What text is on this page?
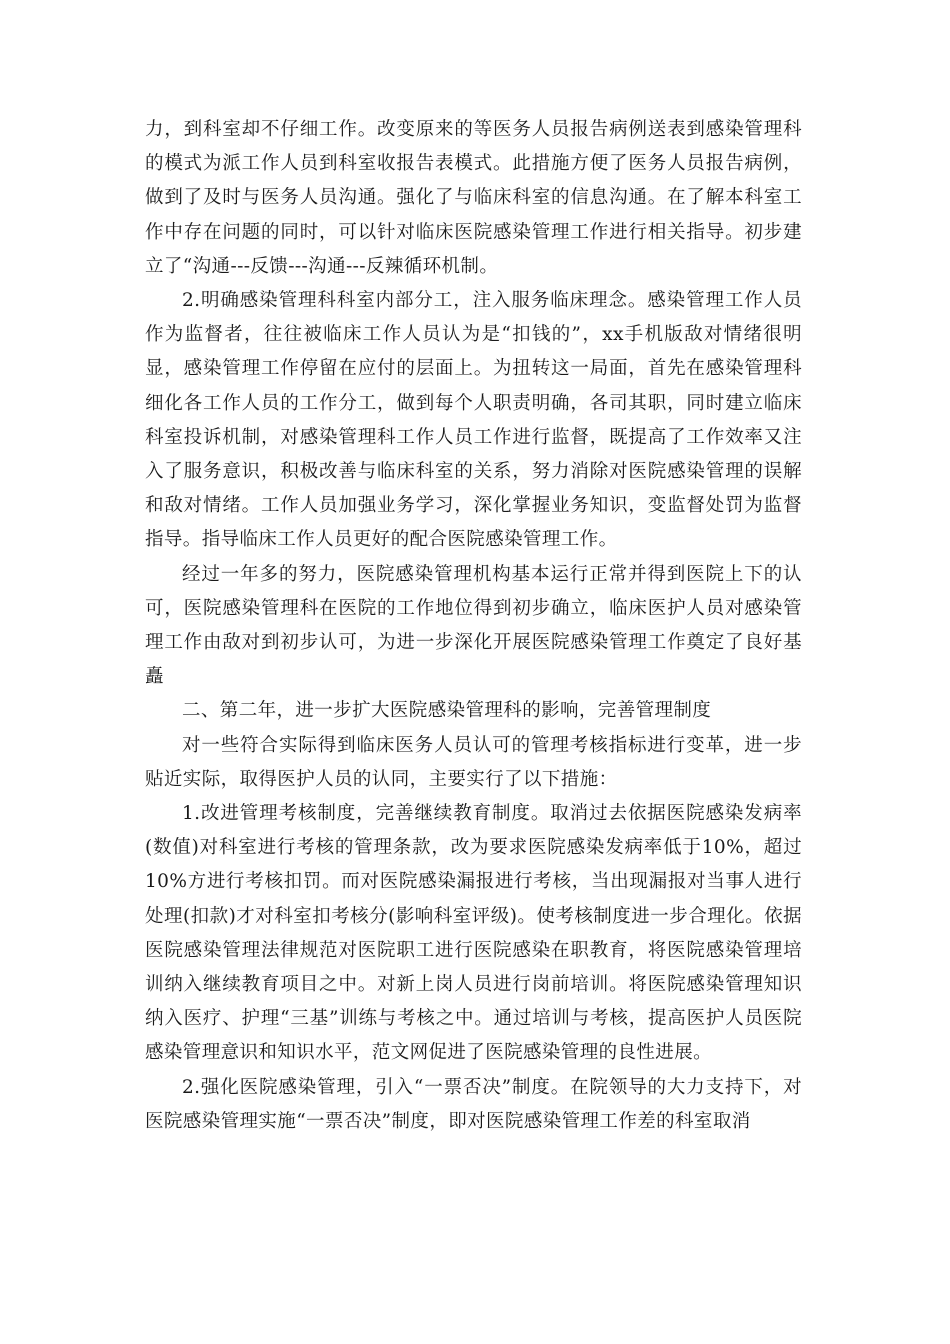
力，到科室却不仔细工作。改变原来的等医务人员报告病例送表到感染管理科的模式为派工作人员到科室收报告表模式。此措施方便了医务人员报告病例，做到了及时与医务人员沟通。强化了与临床科室的信息沟通。在了解本科室工作中存在问题的同时，可以针对临床医院感染管理工作进行相关指导。初步建立了“沟通---反馈---沟通---反辣循环机制。

2.明确感染管理科科室内部分工，注入服务临床理念。感染管理工作人员作为监督者，往往被临床工作人员认为是“扣钱的”，xx手机版敌对情绪很明显，感染管理工作停留在应付的层面上。为扭转这一局面，首先在感染管理科细化各工作人员的工作分工，做到每个人职责明确，各司其职，同时建立临床科室投诉机制，对感染管理科工作人员工作进行监督，既提高了工作效率又注入了服务意识，积极改善与临床科室的关系，努力消除对医院感染管理的误解和敌对情绪。工作人员加强业务学习，深化掌握业务知识，变监督处罚为监督指导。指导临床工作人员更好的配合医院感染管理工作。

经过一年多的努力，医院感染管理机构基本运行正常并得到医院上下的认可，医院感染管理科在医院的工作地位得到初步确立，临床医护人员对感染管理工作由敌对到初步认可，为进一步深化开展医院感染管理工作奠定了良好基矗

二、第二年，进一步扩大医院感染管理科的影响，完善管理制度

对一些符合实际得到临床医务人员认可的管理考核指标进行变革，进一步贴近实际，取得医护人员的认同，主要实行了以下措施：

1.改进管理考核制度，完善继续教育制度。取消过去依据医院感染发病率(数值)对科室进行考核的管理条款，改为要求医院感染发病率低于10%，超过10%方进行考核扣罚。而对医院感染漏报进行考核，当出现漏报对当事人进行处理(扣款)才对科室扣考核分(影响科室评级)。使考核制度进一步合理化。依据医院感染管理法律规范对医院职工进行医院感染在职教育，将医院感染管理培训纳入继续教育项目之中。对新上岗人员进行岗前培训。将医院感染管理知识纳入医疗、护理“三基”训练与考核之中。通过培训与考核，提高医护人员医院感染管理意识和知识水平，范文网促进了医院感染管理的良性进展。

2.强化医院感染管理，引入“一票否决”制度。在院领导的大力支持下，对医院感染管理实施“一票否决”制度，即对医院感染管理工作差的科室取消
